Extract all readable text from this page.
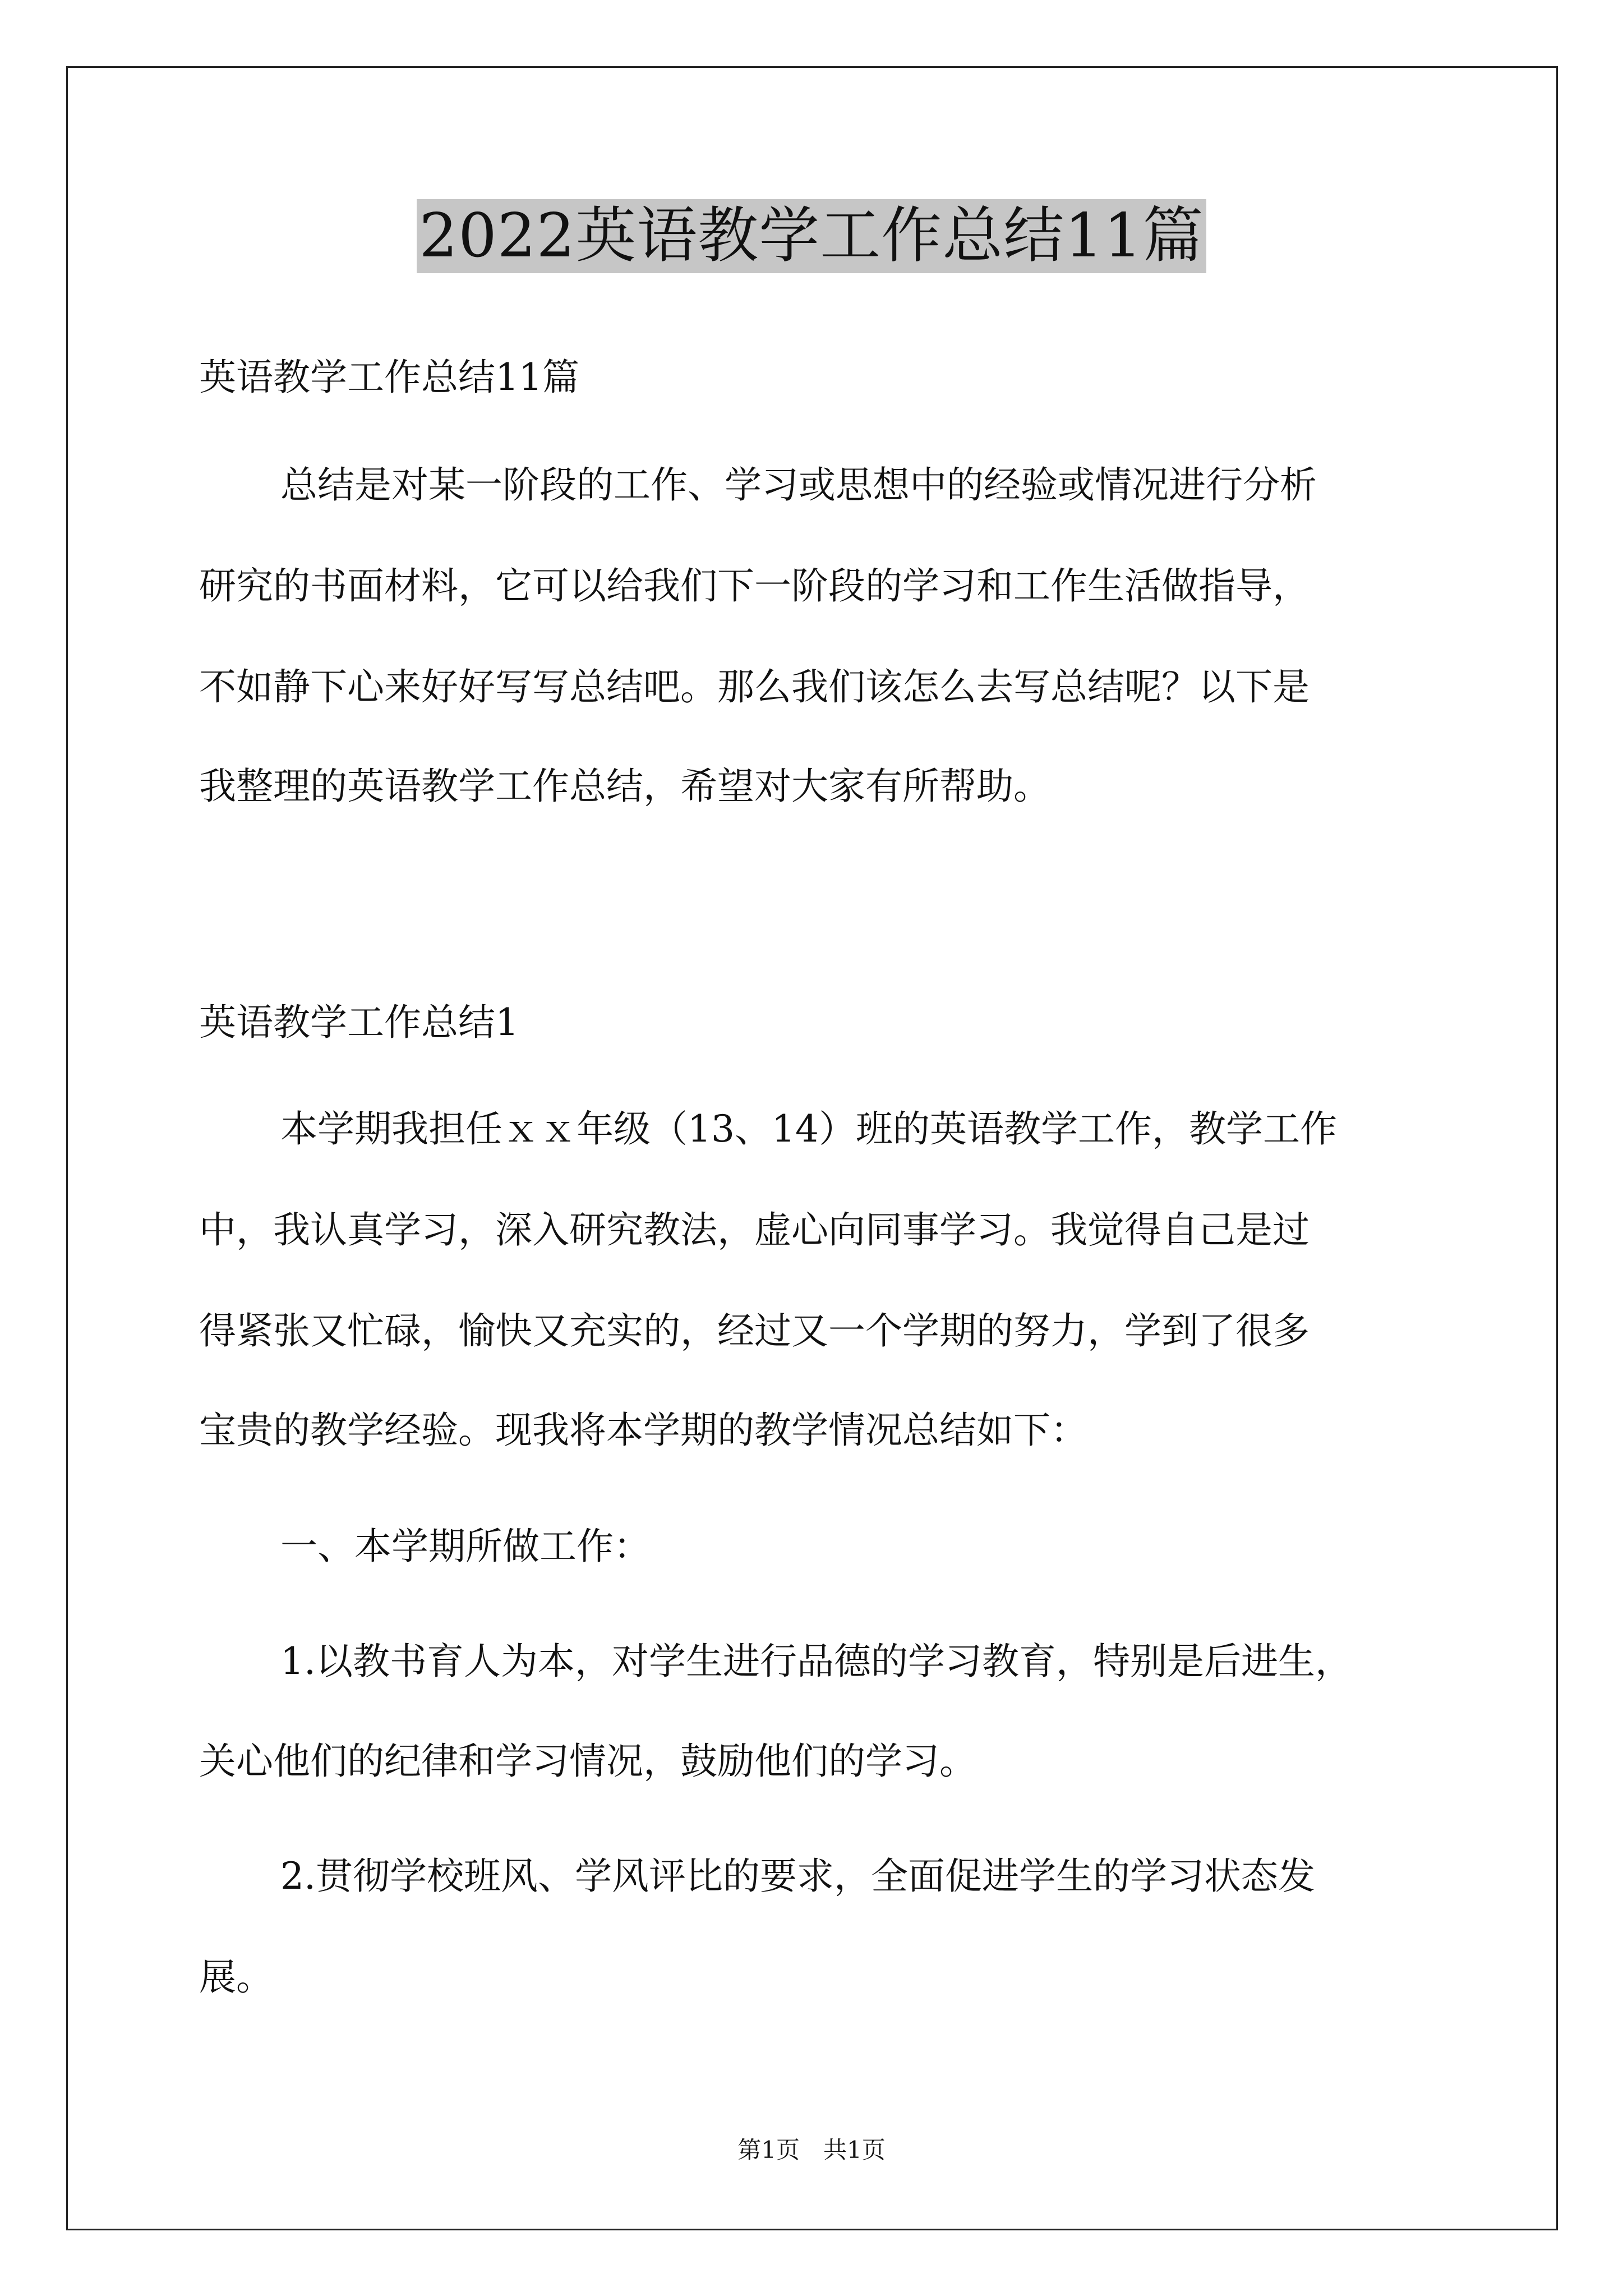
2022英语教学工作总结11篇
英语教学工作总结11篇
总结是对某一阶段的工作、学习或思想中的经验或情况进行分析
研究的书面材料，它可以给我们下一阶段的学习和工作生活做指导，
不如静下心来好好写写总结吧。那么我们该怎么去写总结呢？以下是
我整理的英语教学工作总结，希望对大家有所帮助。
英语教学工作总结1
本学期我担任ｘｘ年级（13、14）班的英语教学工作，教学工作
中，我认真学习，深入研究教法，虚心向同事学习。我觉得自己是过
得紧张又忙碌，愉快又充实的，经过又一个学期的努力，学到了很多
宝贵的教学经验。现我将本学期的教学情况总结如下：
一、本学期所做工作：
1.以教书育人为本，对学生进行品德的学习教育，特别是后进生，
关心他们的纪律和学习情况，鼓励他们的学习。
2.贯彻学校班风、学风评比的要求，全面促进学生的学习状态发
展。
第1页　共1页
